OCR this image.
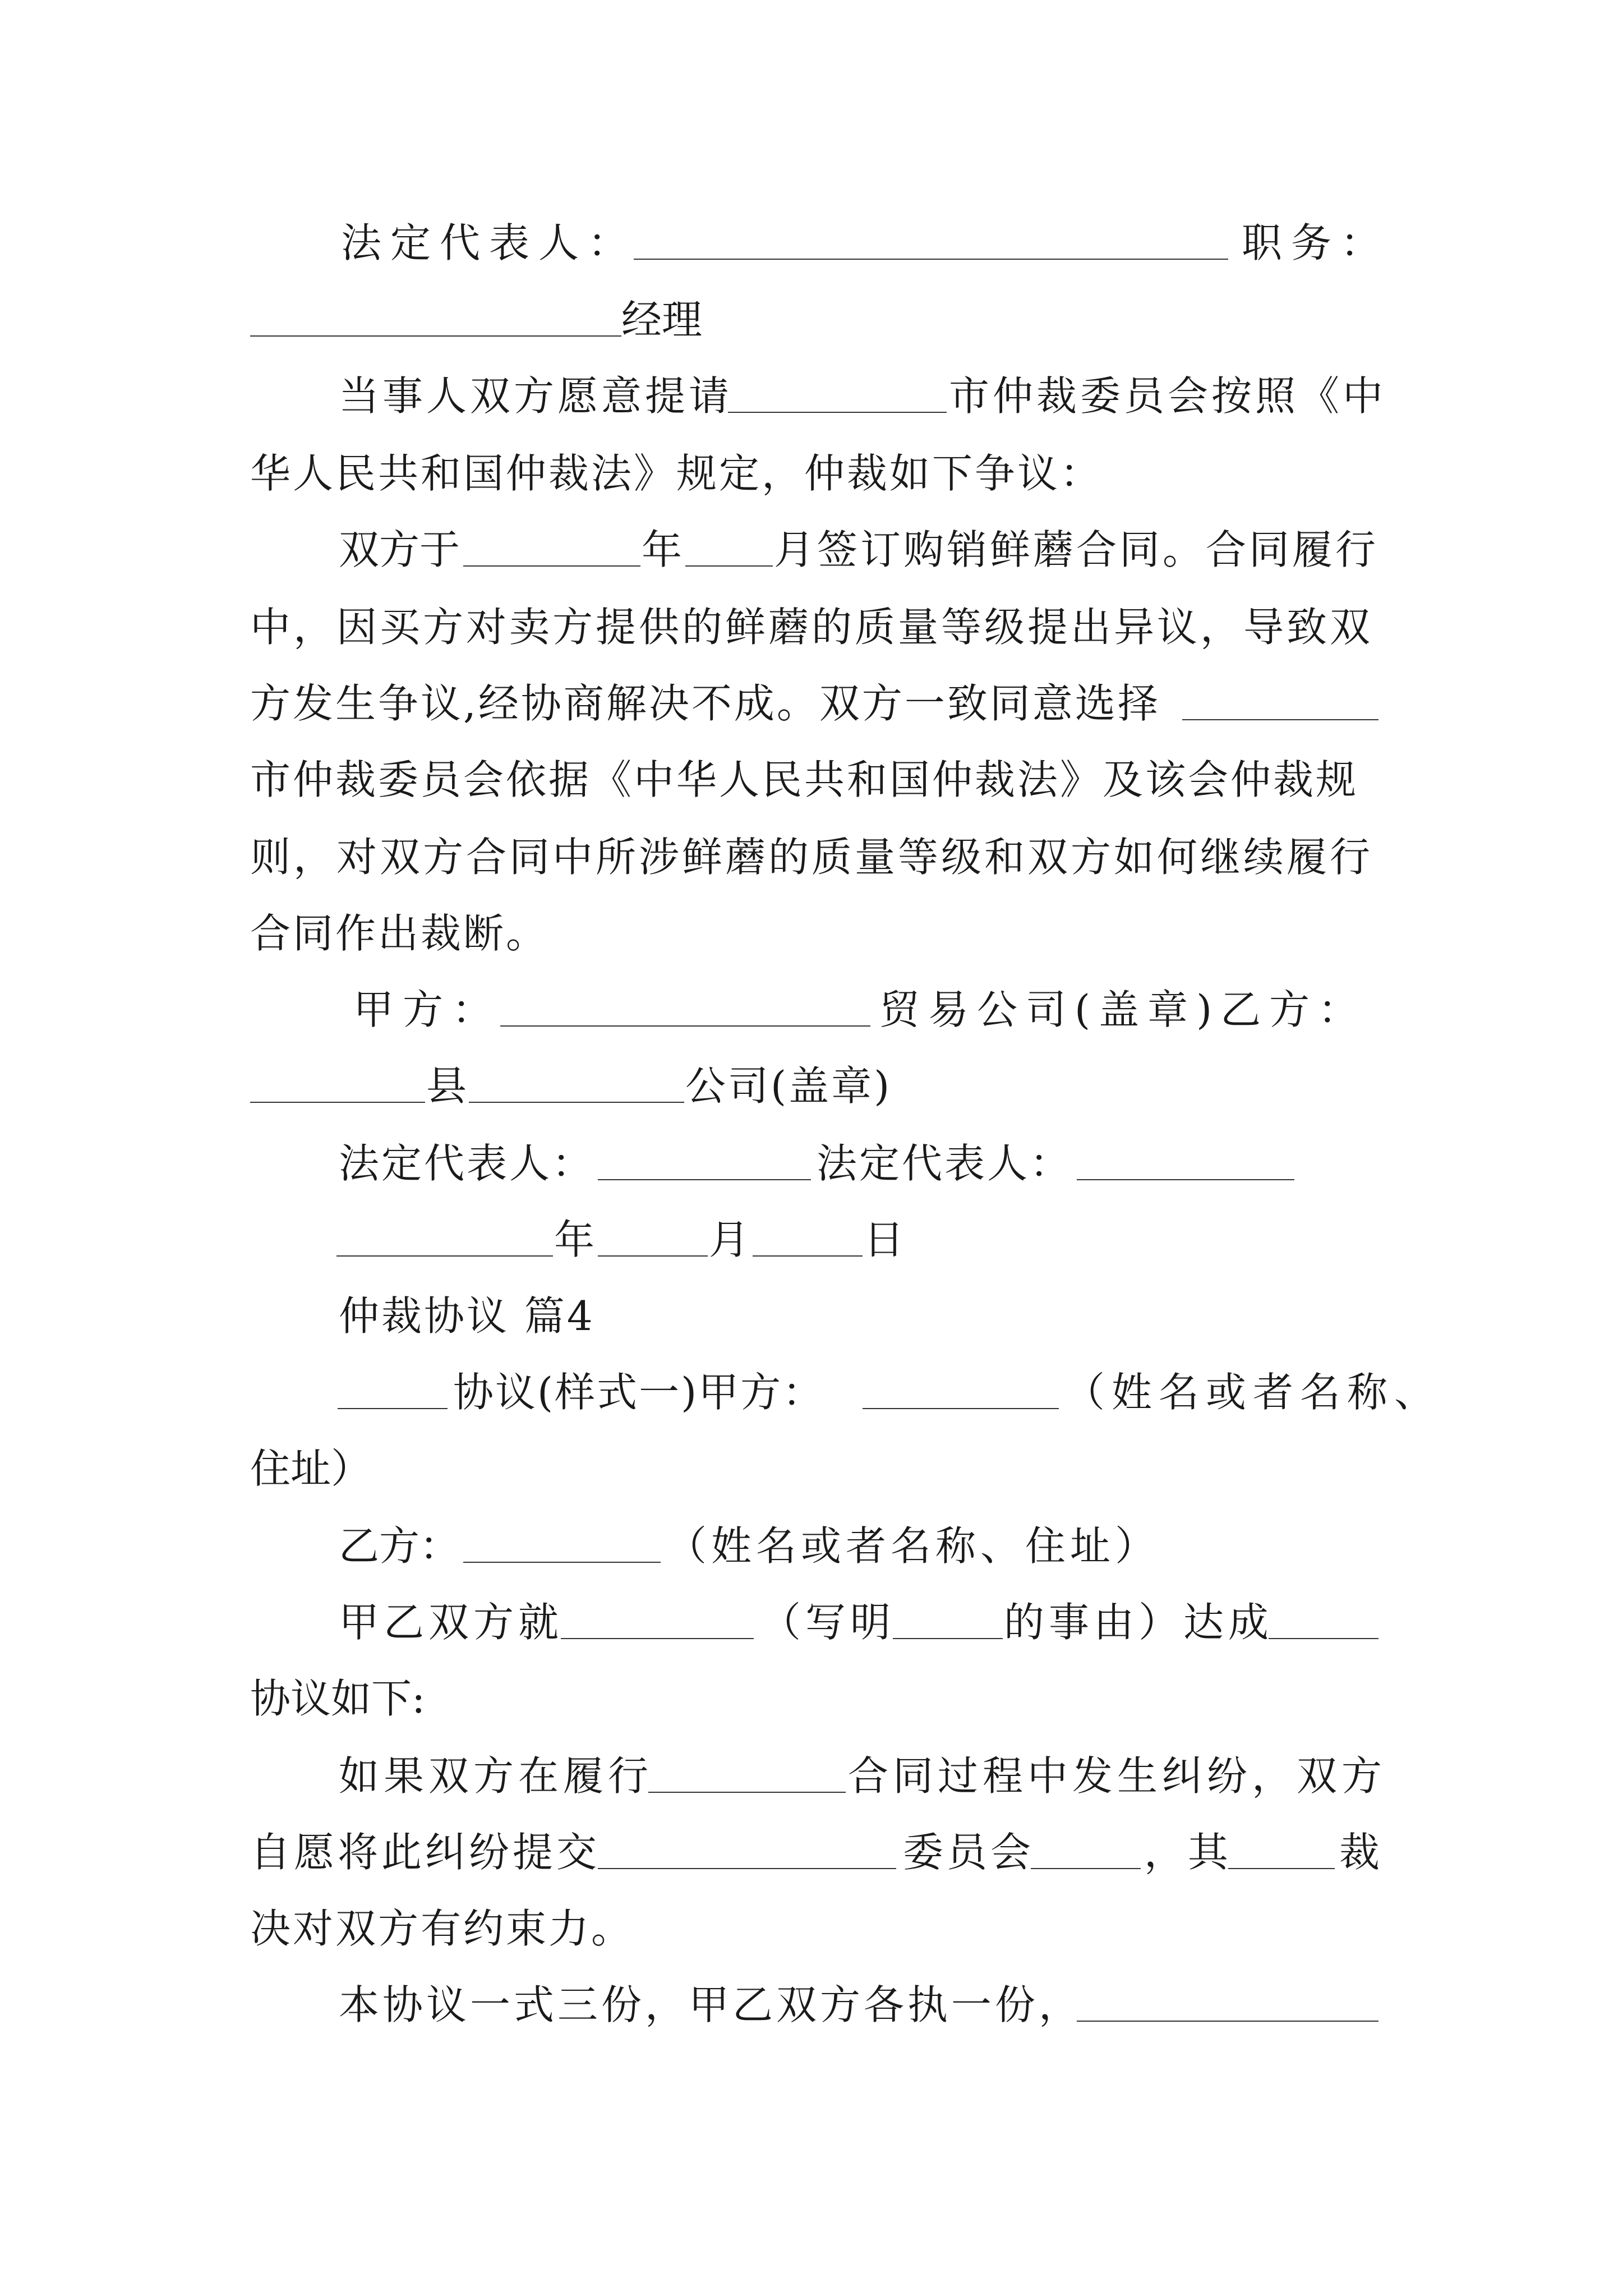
法定代表人：	职务：
经理
当事人双方愿意提请	市仲裁委员会按照《中
华人民共和国仲裁法》规定，仲裁如下争议：
双方于	年 月签订购销鲜蘑合同。合同履行
中，因买方对卖方提供的鲜蘑的质量等级提出异议，导致双
方发生争议,经协商解决不成。双方一致同意选择
市仲裁委员会依据《中华人民共和国仲裁法》及该会仲裁规
则，对双方合同中所涉鲜蘑的质量等级和双方如何继续履行
合同作出裁断。
甲方：	贸易公司(盖章)乙方：
县	公司(盖章)
法定代表人：	法定代表人：
年	月	日
仲裁协议 篇4
协议(样式一)甲方：	（姓名或者名称、
住址）
乙方：	（姓名或者名称、住址）
甲乙双方就	（写明	的事由）达成
协议如下:
如果双方在履行	合同过程中发生纠纷，双方
自愿将此纠纷提交	委员会	，其	裁
决对双方有约束力。
本协议一式三份，甲乙双方各执一份，
